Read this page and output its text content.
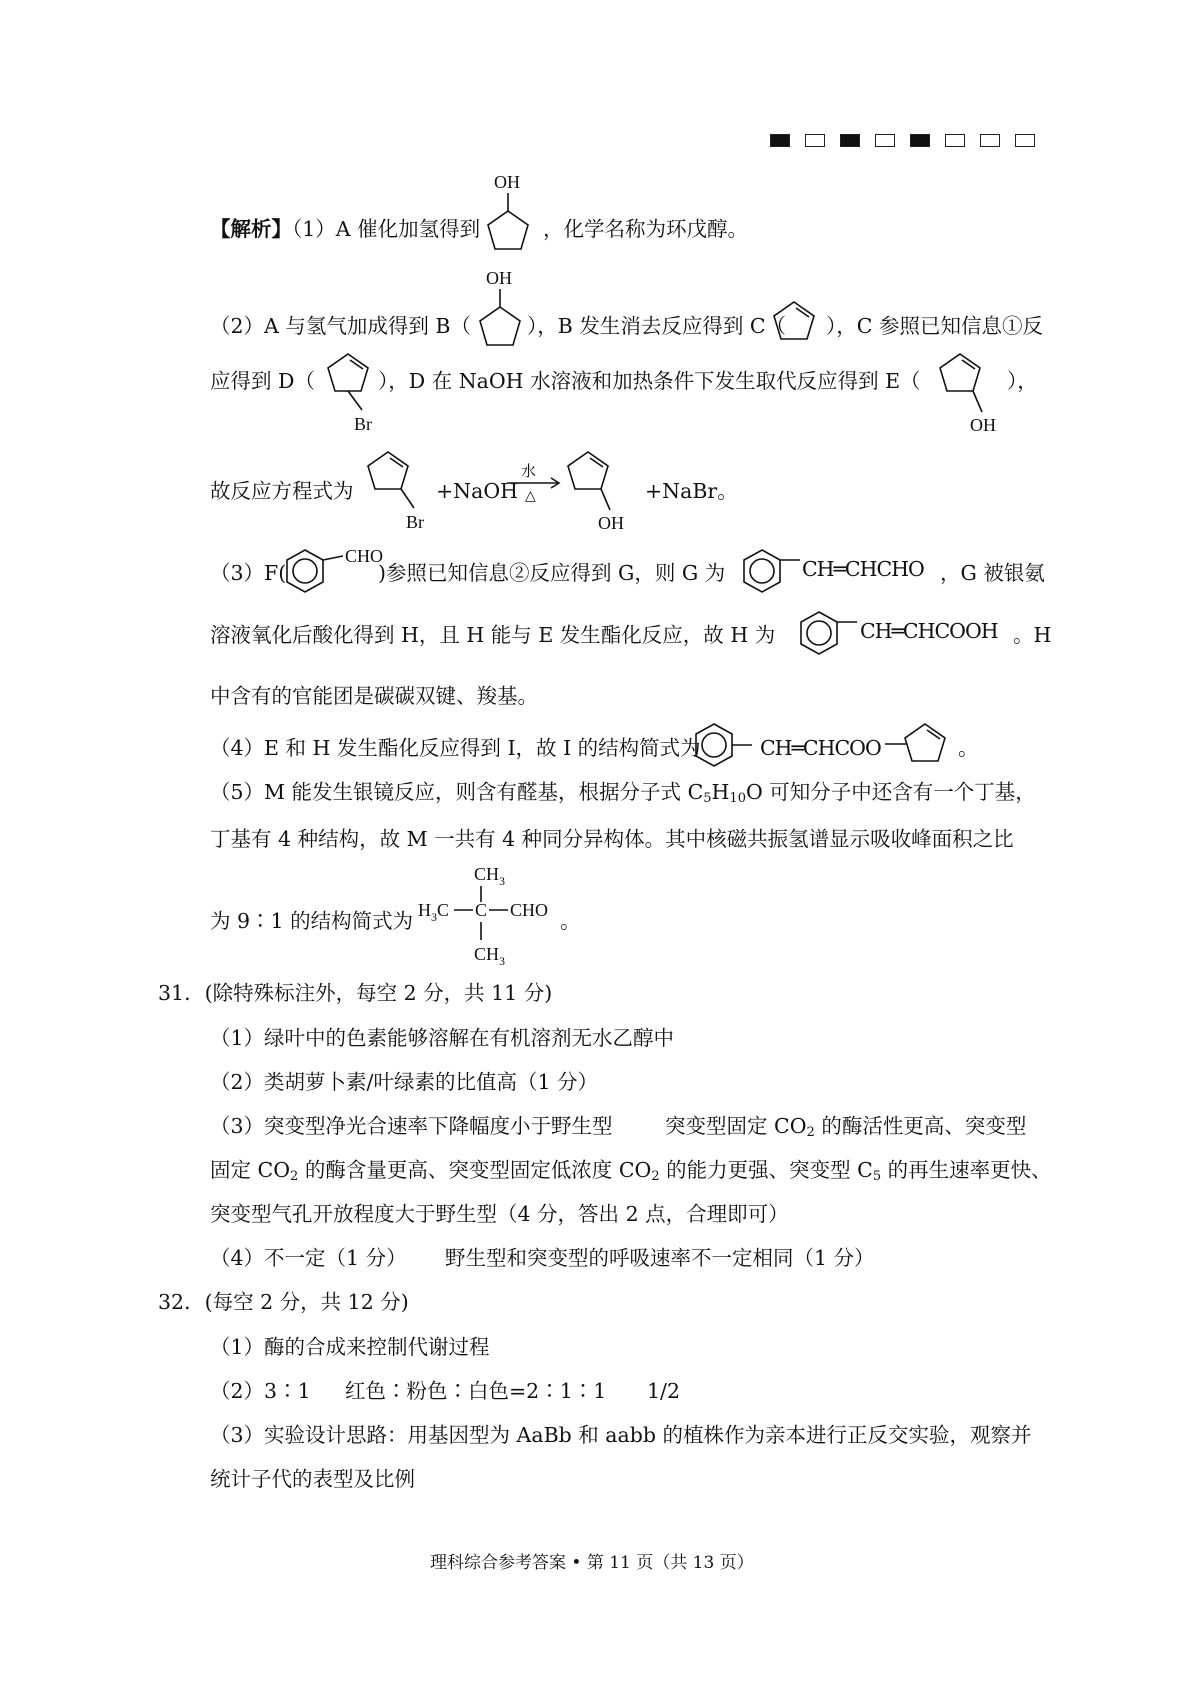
【解析】（1）A 催化加氢得到
OH
，化学名称为环戊醇。
（2）A 与氢气加成得到 B（
OH
），B 发生消去反应得到 C（ ），C 参照已知信息①反
应得到 D（
Br
），D 在 NaOH 水溶液和加热条件下发生取代反应得到 E（
OH
），
故反应方程式为
Br
+NaOH
水
△
OH
+NaBr。
（3）F(
CHO
)参照已知信息②反应得到 G，则 G 为	CH═CHCHO ，G 被银氨
溶液氧化后酸化得到 H，且 H 能与 E 发生酯化反应，故 H 为	CH═CHCOOH 。H
中含有的官能团是碳碳双键、羧基。
（4）E 和 H 发生酯化反应得到 I，故 I 的结构简式为	CH═CHCOO	。
（5）M 能发生银镜反应，则含有醛基，根据分子式 $C_5H_{10}O$ 可知分子中还含有一个丁基，
丁基有 4 种结构，故 M 一共有 4 种同分异构体。其中核磁共振氢谱显示吸收峰面积之比
为 9∶1 的结构简式为
$CH_3$
$H_3C$ C CHO
$CH_3$
。
31．(除特殊标注外，每空 2 分，共 11 分)
（1）绿叶中的色素能够溶解在有机溶剂无水乙醇中
（2）类胡萝卜素/叶绿素的比值高（1 分）
（3）突变型净光合速率下降幅度小于野生型	突变型固定 $CO_2$ 的酶活性更高、突变型
固定 $CO_2$ 的酶含量更高、突变型固定低浓度 $CO_2$ 的能力更强、突变型 $C_5$ 的再生速率更快、
突变型气孔开放程度大于野生型（4 分，答出 2 点，合理即可）
（4）不一定（1 分） 野生型和突变型的呼吸速率不一定相同（1 分）
32．(每空 2 分，共 12 分)
（1）酶的合成来控制代谢过程
（2）3∶1 红色∶粉色∶白色=2∶1∶1 1/2
（3）实验设计思路：用基因型为 AaBb 和 aabb 的植株作为亲本进行正反交实验，观察并
统计子代的表型及比例
理科综合参考答案 • 第 11 页（共 13 页）
